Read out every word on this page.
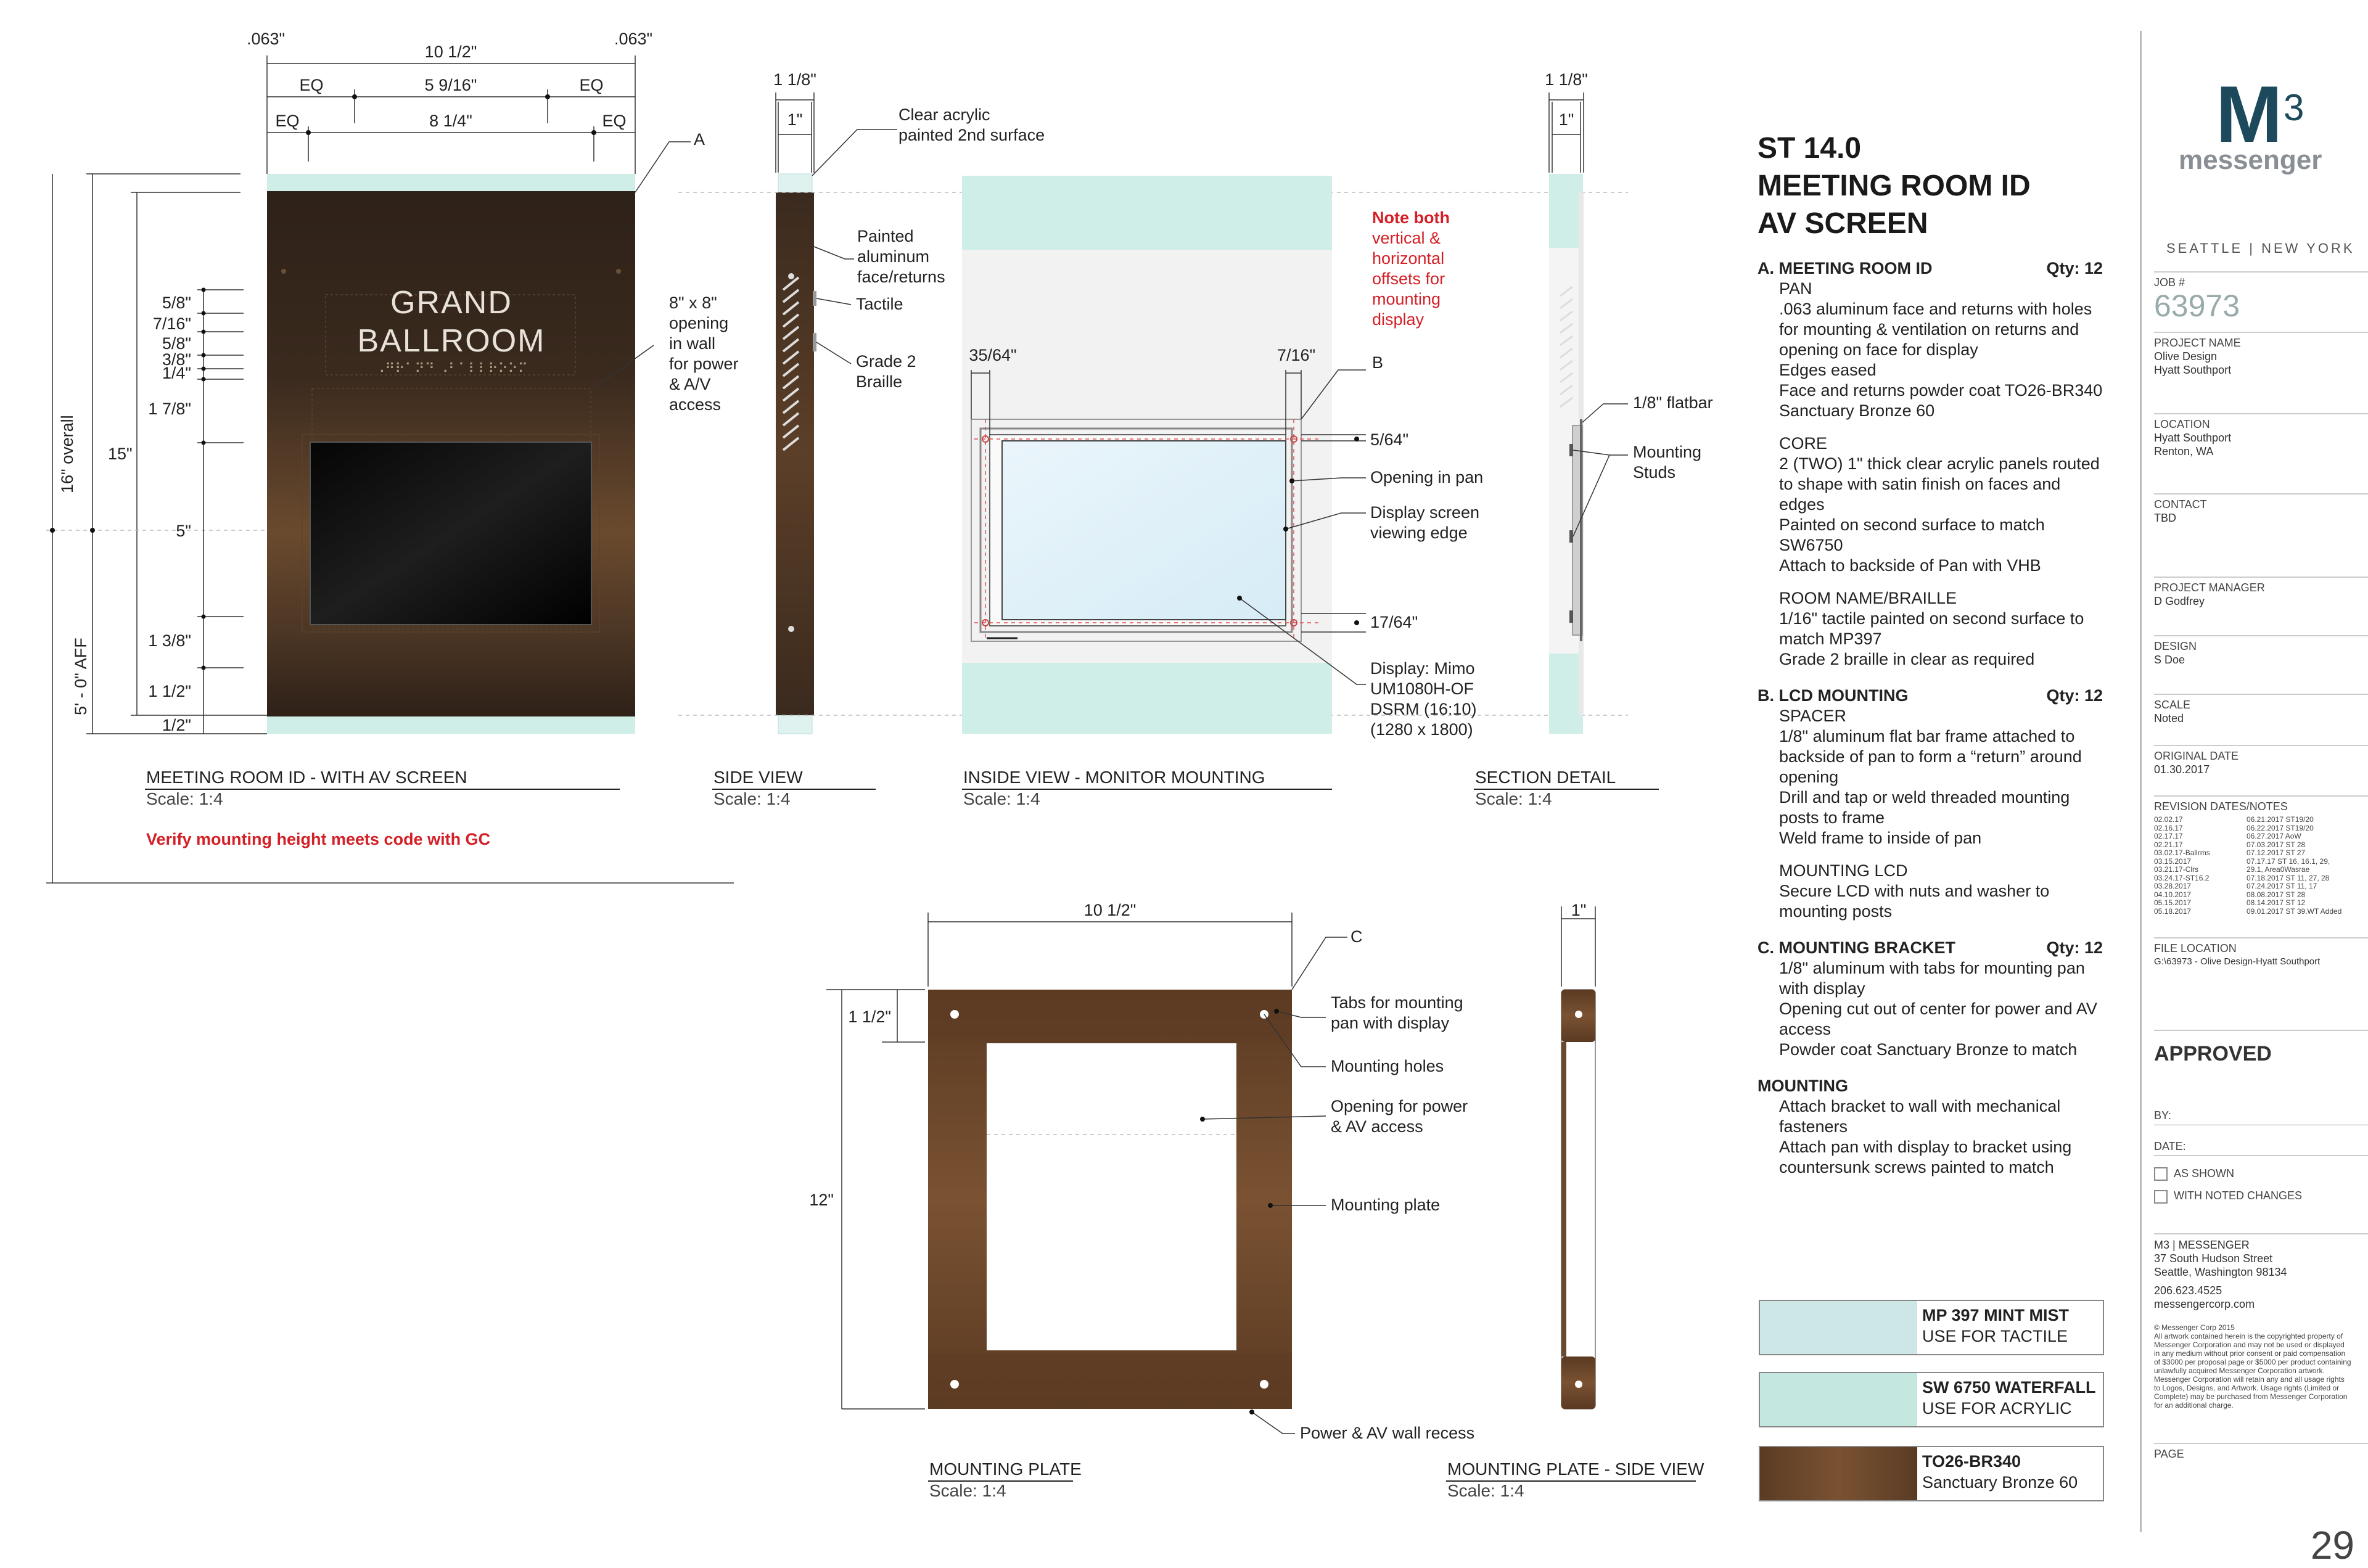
GRAND
BALLROOM
⠠⠛⠗⠁⠝⠙ ⠠⠃⠁⠇⠇⠗⠕⠕⠍
.063"	.063"
10 1/2"
EQ	5 9/16"	EQ
EQ	8 1/4"	EQ
A
8" x 8"
opening
in wall
for power
& A/V
access
5' - 0" AFF
16" overall 15"
5/8"
7/16"
5/8"
3/8"
1/4"
1 7/8"
5"
1 3/8"
1 1/2"
1/2"
MEETING ROOM ID - WITH AV SCREEN
Scale: 1:4
Verify mounting height meets code with GC
1 1/8"
1"	Clear acrylic
painted 2nd surface
Painted
aluminum
face/returns
Tactile
Grade 2
Braille
SIDE VIEW
Scale: 1:4
Note both
vertical &
horizontal
offsets for
mounting
display
35/64"	7/16"	B
5/64"
17/64"
Opening in pan
Display screen
viewing edge
Display: Mimo
UM1080H-OF
DSRM (16:10)
(1280 x 1800)
INSIDE VIEW - MONITOR MOUNTING
Scale: 1:4
1 1/8"
1"
1/8" flatbar
Mounting
Studs
SECTION DETAIL
Scale: 1:4
10 1/2"
1 1/2"
12"
C
Tabs for mounting
pan with display
Mounting holes
Opening for power
& AV access
Mounting plate
Power & AV wall recess
MOUNTING PLATE
Scale: 1:4
1"
MOUNTING PLATE - SIDE VIEW
Scale: 1:4
ST 14.0
MEETING ROOM ID
AV SCREEN
A. MEETING ROOM ID	Qty: 12
PAN
.063 aluminum face and returns with holes for mounting & ventilation on returns and opening on face for display
Edges eased
Face and returns powder coat TO26-BR340 Sanctuary Bronze 60
CORE
2 (TWO) 1" thick clear acrylic panels routed to shape with satin finish on faces and edges
Painted on second surface to match SW6750
Attach to backside of Pan with VHB
ROOM NAME/BRAILLE
1/16" tactile painted on second surface to match MP397
Grade 2 braille in clear as required
B. LCD MOUNTING	Qty: 12
SPACER
1/8" aluminum flat bar frame attached to backside of pan to form a “return” around opening
Drill and tap or weld threaded mounting posts to frame
Weld frame to inside of pan
MOUNTING LCD
Secure LCD with nuts and washer to mounting posts
C. MOUNTING BRACKET	Qty: 12
1/8" aluminum with tabs for mounting pan with display
Opening cut out of center for power and AV access
Powder coat Sanctuary Bronze to match
MOUNTING
Attach bracket to wall with mechanical fasteners
Attach pan with display to bracket using countersunk screws painted to match
MP 397 MINT MIST
USE FOR TACTILE
SW 6750 WATERFALL
USE FOR ACRYLIC
TO26-BR340
Sanctuary Bronze 60
M 3
messenger
SEATTLE | NEW YORK
JOB #
63973
PROJECT NAME
Olive Design
Hyatt Southport
LOCATION
Hyatt Southport
Renton, WA
CONTACT
TBD
PROJECT MANAGER
D Godfrey
DESIGN
S Doe
SCALE
Noted
ORIGINAL DATE
01.30.2017
REVISION DATES/NOTES
02.02.17	06.21.2017 ST19/20
02.16.17	06.22.2017 ST19/20
02.17.17	06.27.2017 AoW
02.21.17	07.03.2017 ST 28
03.02.17-Ballrms	07.12.2017 ST 27
03.15.2017	07.17.17 ST 16, 16.1, 29,
03.21.17-Clrs	29.1, Area0Wasrae
03.24.17-ST16.2	07.18.2017 ST 11, 27, 28
03.28.2017	07.24.2017 ST 11, 17
04.10.2017	08.08.2017 ST 28
05.15.2017	08.14.2017 ST 12
05.18.2017	09.01.2017 ST 39.WT Added
FILE LOCATION
G:\63973 - Olive Design-Hyatt Southport
APPROVED
BY:
DATE:
AS SHOWN
WITH NOTED CHANGES
M3 | MESSENGER
37 South Hudson Street
Seattle, Washington 98134
206.623.4525
messengercorp.com
© Messenger Corp 2015
All artwork contained herein is the copyrighted property of Messenger Corporation and may not be used or displayed in any medium without prior consent or paid compensation of $3000 per proposal page or $5000 per product containing unlawfully acquired Messenger Corporation artwork. Messenger Corporation will retain any and all usage rights to Logos, Designs, and Artwork. Usage rights (Limited or Complete) may be purchased from Messenger Corporation for an additional charge.
PAGE
29
